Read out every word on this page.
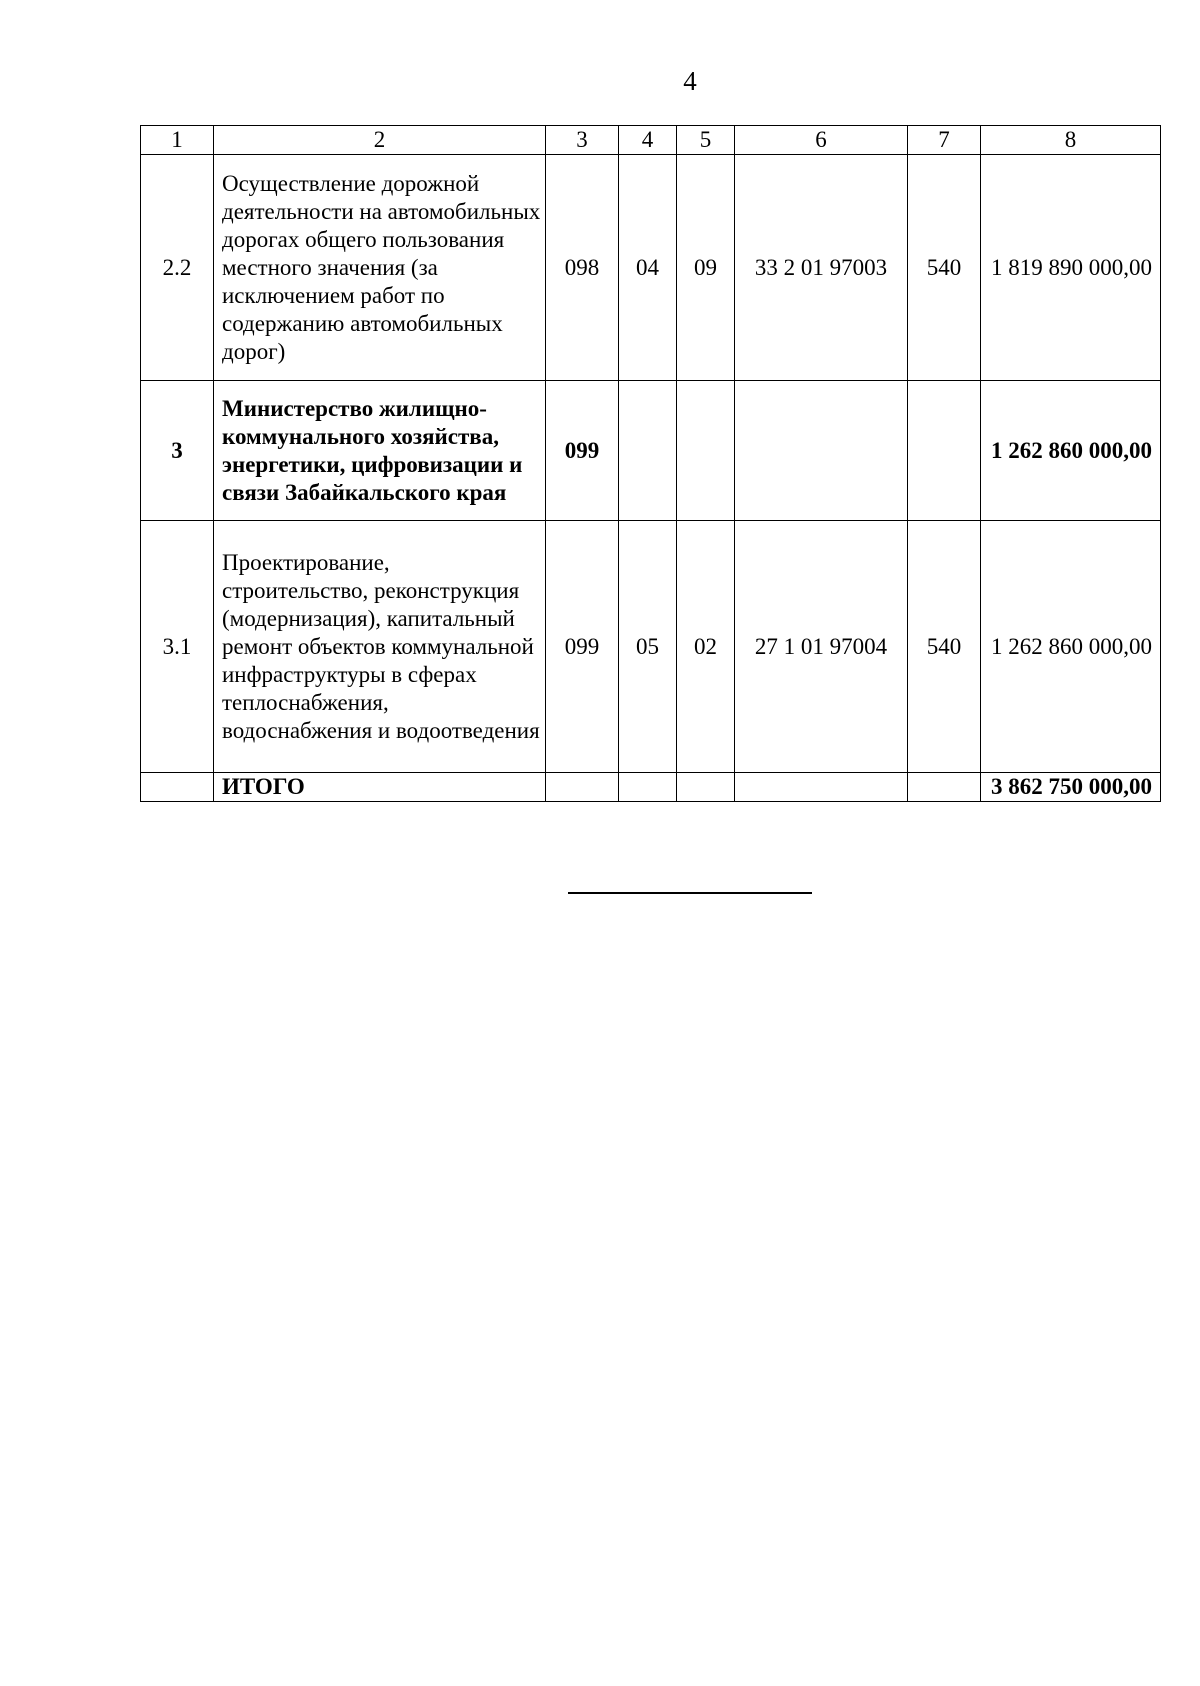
4
1	2	3	4	5	6	7	8
2.2	Осуществление дорожной деятельности на автомобильных дорогах общего пользования местного значения (за исключением работ по содержанию автомобильных дорог)	098	04	09	33 2 01 97003	540	1 819 890 000,00
3	Министерство жилищно-коммунального хозяйства, энергетики, цифровизации и связи Забайкальского края	099					1 262 860 000,00
3.1	Проектирование, строительство, реконструкция (модернизация), капитальный ремонт объектов коммунальной инфраструктуры в сферах теплоснабжения, водоснабжения и водоотведения	099	05	02	27 1 01 97004	540	1 262 860 000,00
	ИТОГО						3 862 750 000,00
